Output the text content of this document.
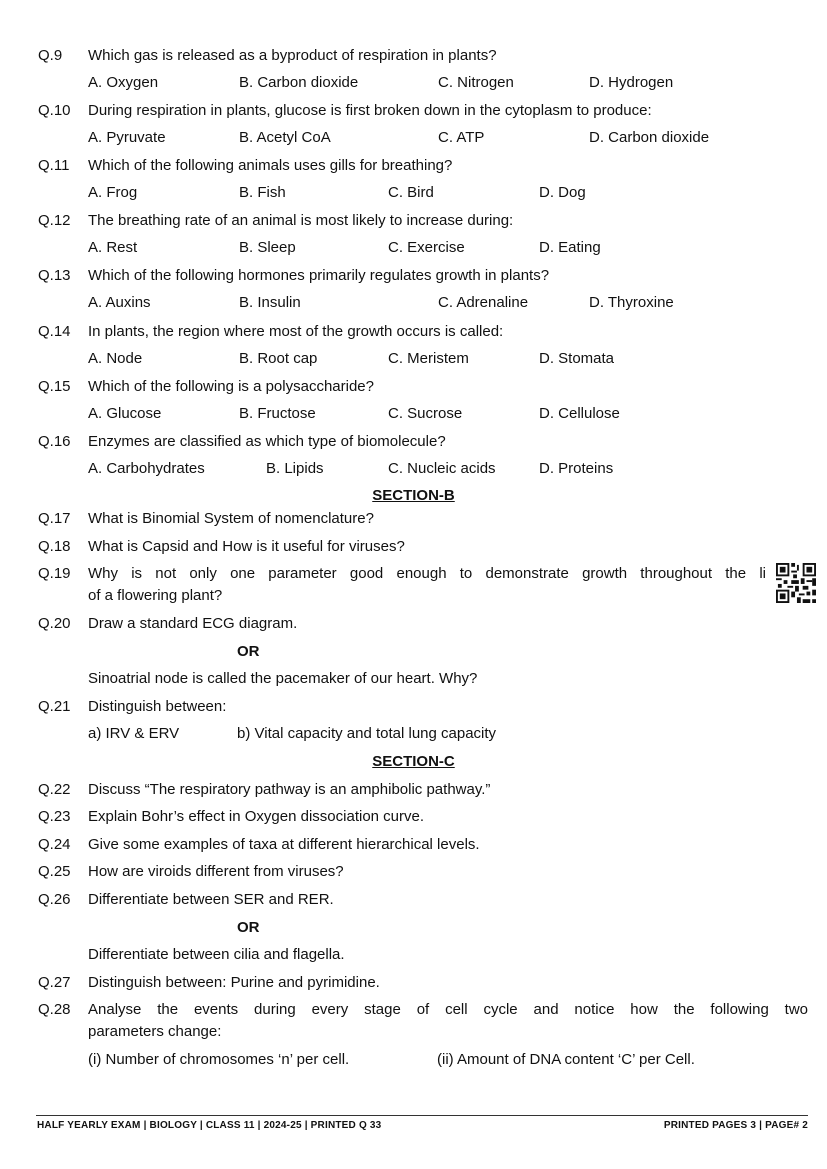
Q.9 Which gas is released as a byproduct of respiration in plants?
A. Oxygen	B. Carbon dioxide	C. Nitrogen	D. Hydrogen
Q.10 During respiration in plants, glucose is first broken down in the cytoplasm to produce:
A. Pyruvate	B. Acetyl CoA	C. ATP	D. Carbon dioxide
Q.11 Which of the following animals uses gills for breathing?
A. Frog	B. Fish	C. Bird	D. Dog
Q.12 The breathing rate of an animal is most likely to increase during:
A. Rest	B. Sleep	C. Exercise	D. Eating
Q.13 Which of the following hormones primarily regulates growth in plants?
A. Auxins	B. Insulin	C. Adrenaline	D. Thyroxine
Q.14 In plants, the region where most of the growth occurs is called:
A. Node	B. Root cap	C. Meristem	D. Stomata
Q.15 Which of the following is a polysaccharide?
A. Glucose	B. Fructose	C. Sucrose	D. Cellulose
Q.16 Enzymes are classified as which type of biomolecule?
A. Carbohydrates	B. Lipids	C. Nucleic acids	D. Proteins
SECTION-B
Q.17 What is Binomial System of nomenclature?
Q.18 What is Capsid and How is it useful for viruses?
Q.19 Why is not only one parameter good enough to demonstrate growth throughout the li
of a flowering plant?
Q.20 Draw a standard ECG diagram.
OR
Sinoatrial node is called the pacemaker of our heart. Why?
Q.21 Distinguish between:
a) IRV & ERV	b) Vital capacity and total lung capacity
SECTION-C
Q.22 Discuss “The respiratory pathway is an amphibolic pathway.”
Q.23 Explain Bohr’s effect in Oxygen dissociation curve.
Q.24 Give some examples of taxa at different hierarchical levels.
Q.25 How are viroids different from viruses?
Q.26 Differentiate between SER and RER.
OR
Differentiate between cilia and flagella.
Q.27 Distinguish between: Purine and pyrimidine.
Q.28 Analyse the events during every stage of cell cycle and notice how the following two
parameters change:
(i) Number of chromosomes ‘n’ per cell.	(ii) Amount of DNA content ‘C’ per Cell.
HALF YEARLY EXAM | BIOLOGY | CLASS 11 | 2024-25 | PRINTED Q 33	PRINTED PAGES 3 | PAGE# 2
